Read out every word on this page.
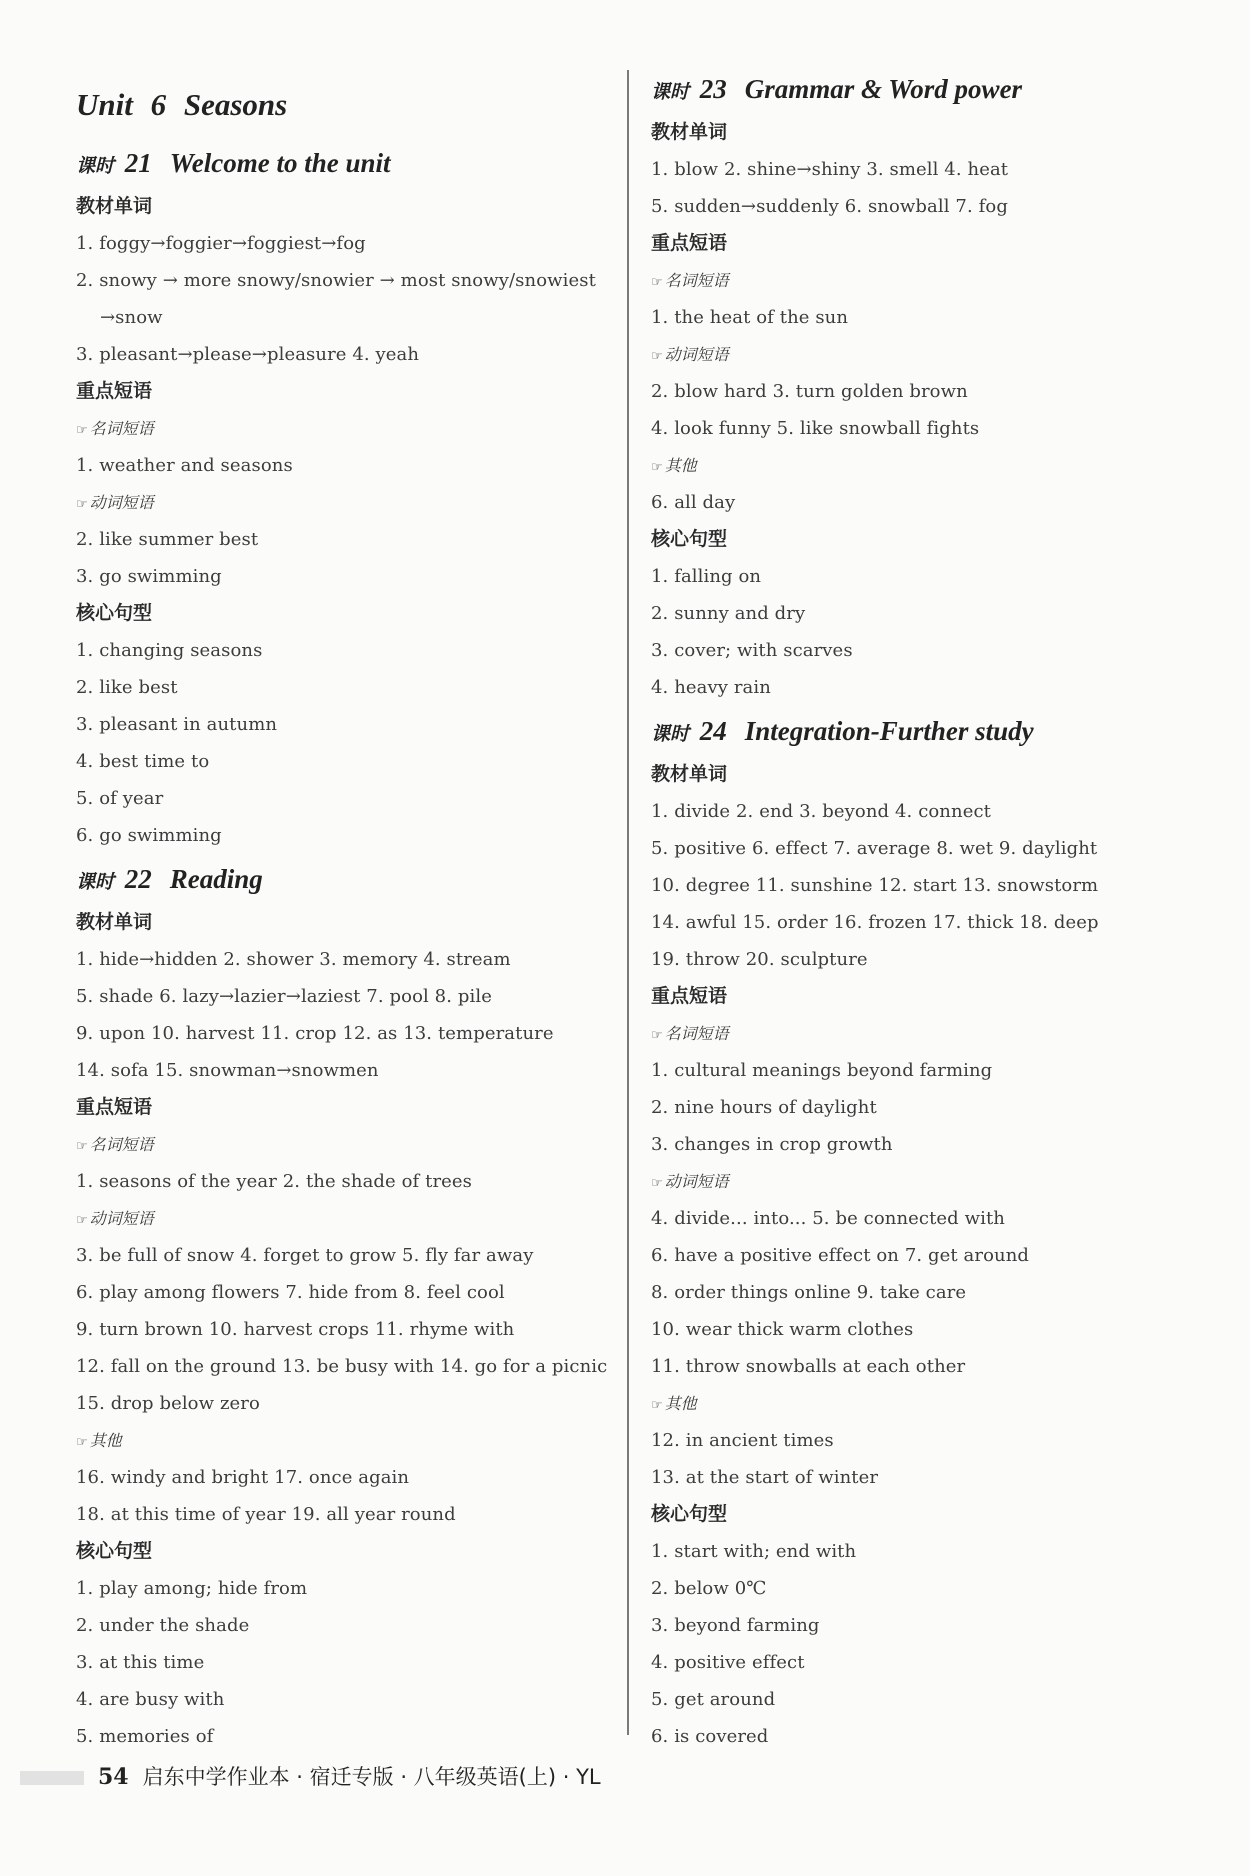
Unit 6 Seasons
课时 21 Welcome to the unit
教材单词
1. foggy→foggier→foggiest→fog
2. snowy → more snowy/snowier → most snowy/snowiest
→snow
3. pleasant→please→pleasure 4. yeah
重点短语
☞ 名词短语
1. weather and seasons
☞ 动词短语
2. like summer best
3. go swimming
核心句型
1. changing seasons
2. like best
3. pleasant in autumn
4. best time to
5. of year
6. go swimming
课时 22 Reading
教材单词
1. hide→hidden 2. shower 3. memory 4. stream
5. shade 6. lazy→lazier→laziest 7. pool 8. pile
9. upon 10. harvest 11. crop 12. as 13. temperature
14. sofa 15. snowman→snowmen
重点短语
☞ 名词短语
1. seasons of the year 2. the shade of trees
☞ 动词短语
3. be full of snow 4. forget to grow 5. fly far away
6. play among flowers 7. hide from 8. feel cool
9. turn brown 10. harvest crops 11. rhyme with
12. fall on the ground 13. be busy with 14. go for a picnic
15. drop below zero
☞ 其他
16. windy and bright 17. once again
18. at this time of year 19. all year round
核心句型
1. play among; hide from
2. under the shade
3. at this time
4. are busy with
5. memories of
课时 23 Grammar & Word power
教材单词
1. blow 2. shine→shiny 3. smell 4. heat
5. sudden→suddenly 6. snowball 7. fog
重点短语
☞ 名词短语
1. the heat of the sun
☞ 动词短语
2. blow hard 3. turn golden brown
4. look funny 5. like snowball fights
☞ 其他
6. all day
核心句型
1. falling on
2. sunny and dry
3. cover; with scarves
4. heavy rain
课时 24 Integration-Further study
教材单词
1. divide 2. end 3. beyond 4. connect
5. positive 6. effect 7. average 8. wet 9. daylight
10. degree 11. sunshine 12. start 13. snowstorm
14. awful 15. order 16. frozen 17. thick 18. deep
19. throw 20. sculpture
重点短语
☞ 名词短语
1. cultural meanings beyond farming
2. nine hours of daylight
3. changes in crop growth
☞ 动词短语
4. divide... into... 5. be connected with
6. have a positive effect on 7. get around
8. order things online 9. take care
10. wear thick warm clothes
11. throw snowballs at each other
☞ 其他
12. in ancient times
13. at the start of winter
核心句型
1. start with; end with
2. below 0℃
3. beyond farming
4. positive effect
5. get around
6. is covered
54 启东中学作业本 · 宿迁专版 · 八年级英语(上) · YL
